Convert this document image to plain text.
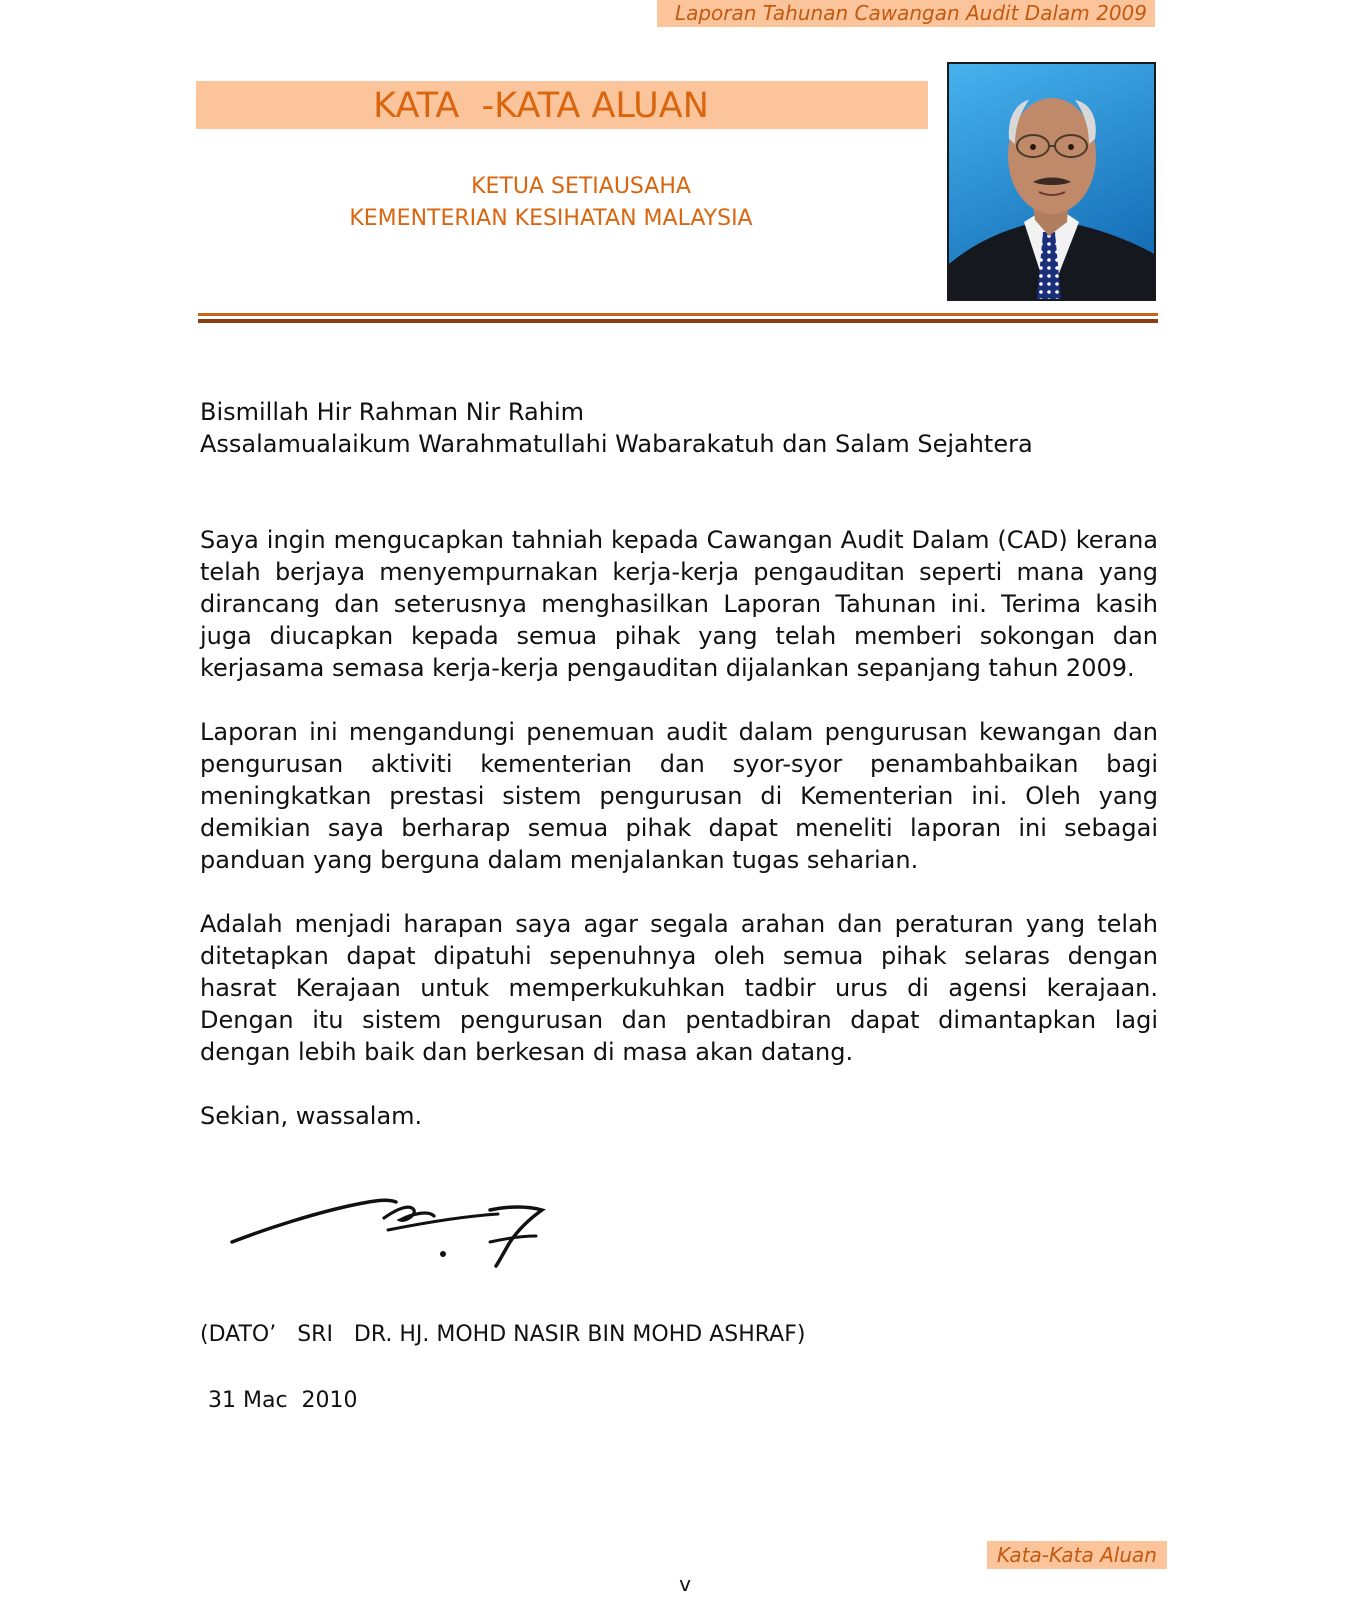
Laporan Tahunan Cawangan Audit Dalam 2009
KATA  -KATA ALUAN
KETUA SETIAUSAHA
KEMENTERIAN KESIHATAN MALAYSIA
Bismillah Hir Rahman Nir Rahim
Assalamualaikum Warahmatullahi Wabarakatuh dan Salam Sejahtera

Saya ingin mengucapkan tahniah kepada Cawangan Audit Dalam (CAD) kerana telah berjaya menyempurnakan kerja-kerja pengauditan seperti mana yang dirancang dan seterusnya menghasilkan Laporan Tahunan ini. Terima kasih juga diucapkan kepada semua pihak yang telah memberi sokongan dan kerjasama semasa kerja-kerja pengauditan dijalankan sepanjang tahun 2009.

Laporan ini mengandungi penemuan audit dalam pengurusan kewangan dan pengurusan aktiviti kementerian dan syor-syor penambahbaikan bagi meningkatkan prestasi sistem pengurusan di Kementerian ini. Oleh yang demikian saya berharap semua pihak dapat meneliti laporan ini sebagai panduan yang berguna dalam menjalankan tugas seharian.

Adalah menjadi harapan saya agar segala arahan dan peraturan yang telah ditetapkan dapat dipatuhi sepenuhnya oleh semua pihak selaras dengan hasrat Kerajaan untuk memperkukuhkan tadbir urus di agensi kerajaan. Dengan itu sistem pengurusan dan pentadbiran dapat dimantapkan lagi dengan lebih baik dan berkesan di masa akan datang.

Sekian, wassalam.
(DATO’   SRI   DR. HJ. MOHD NASIR BIN MOHD ASHRAF)
31 Mac  2010
Kata-Kata Aluan
v
